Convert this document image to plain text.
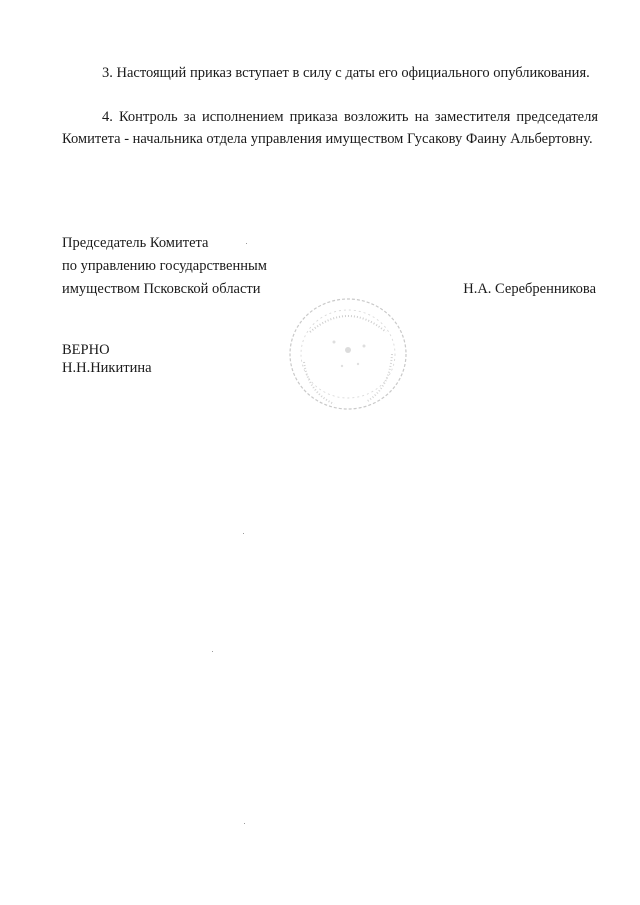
3. Настоящий приказ вступает в силу с даты его официального опубликования.

4. Контроль за исполнением приказа возложить на заместителя председателя Комитета - начальника отдела управления имуществом Гусакову Фаину Альбертовну.

Председатель Комитета
по управлению государственным
имуществом Псковской области	Н.А. Серебренникова
ВЕРНО
Н.Н.Никитина
